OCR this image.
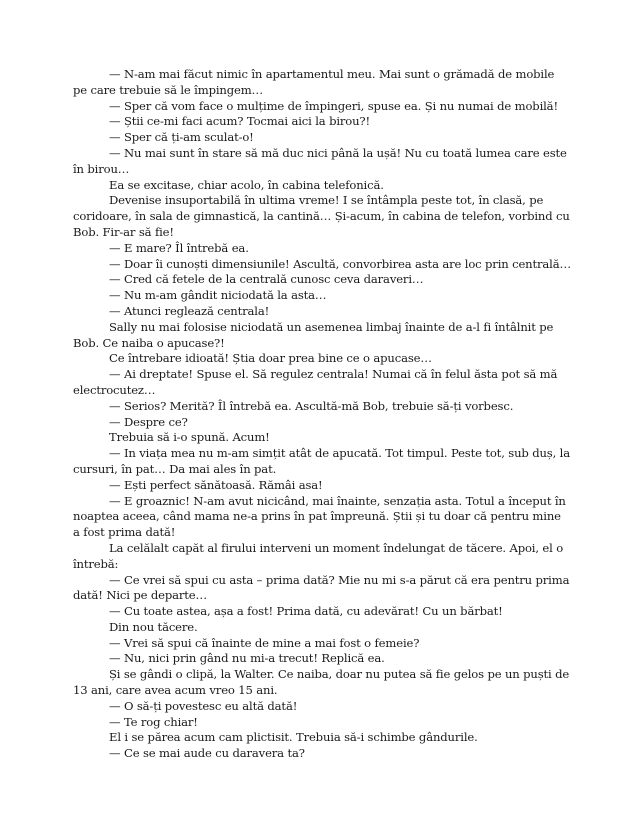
— N-am mai făcut nimic în apartamentul meu. Mai sunt o grămadă de mobile pe care trebuie să le împingem…

— Sper că vom face o mulțime de împingeri, spuse ea. Și nu numai de mobilă!

— Știi ce-mi faci acum? Tocmai aici la birou?!

— Sper că ți-am sculat-o!

— Nu mai sunt în stare să mă duc nici până la ușă! Nu cu toată lumea care este în birou…

Ea se excitase, chiar acolo, în cabina telefonică.

Devenise insuportabilă în ultima vreme! I se întâmpla peste tot, în clasă, pe coridoare, în sala de gimnastică, la cantină… Și-acum, în cabina de telefon, vorbind cu Bob. Fir-ar să fie!

— E mare? Îl întrebă ea.

— Doar îi cunoști dimensiunile! Ascultă, convorbirea asta are loc prin centrală…

— Cred că fetele de la centrală cunosc ceva daraveri…

— Nu m-am gândit niciodată la asta…

— Atunci reglează centrala!

Sally nu mai folosise niciodată un asemenea limbaj înainte de a-l fi întâlnit pe Bob. Ce naiba o apucase?!

Ce întrebare idioată! Știa doar prea bine ce o apucase…

— Ai dreptate! Spuse el. Să regulez centrala! Numai că în felul ăsta pot să mă electrocutez…

— Serios? Merită? Îl întrebă ea. Ascultă-mă Bob, trebuie să-ți vorbesc.

— Despre ce?

Trebuia să i-o spună. Acum!

— In viața mea nu m-am simțit atât de apucată. Tot timpul. Peste tot, sub duș, la cursuri, în pat… Da mai ales în pat.

— Ești perfect sănătoasă. Rămâi asa!

— E groaznic! N-am avut nicicând, mai înainte, senzația asta. Totul a început în noaptea aceea, când mama ne-a prins în pat împreună. Știi și tu doar că pentru mine a fost prima dată!

La celălalt capăt al firului interveni un moment îndelungat de tăcere. Apoi, el o întrebă:

— Ce vrei să spui cu asta – prima dată? Mie nu mi s-a părut că era pentru prima dată! Nici pe departe…

— Cu toate astea, așa a fost! Prima dată, cu adevărat! Cu un bărbat!

Din nou tăcere.

— Vrei să spui că înainte de mine a mai fost o femeie?

— Nu, nici prin gând nu mi-a trecut! Replică ea.

Și se gândi o clipă, la Walter. Ce naiba, doar nu putea să fie gelos pe un puști de 13 ani, care avea acum vreo 15 ani.

— O să-ți povestesc eu altă dată!

— Te rog chiar!

El i se părea acum cam plictisit. Trebuia să-i schimbe gândurile.

— Ce se mai aude cu daravera ta?
